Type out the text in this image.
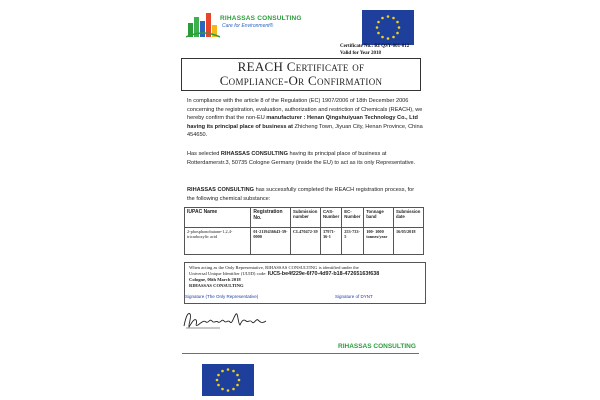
RIHASSAS CONSULTING
Care for Environment®
Certificate No.: RI QSY-001-012
Valid for Year 2018
REACH Certificate of
Compliance-Or Confirmation
In compliance with the article 8 of the Regulation (EC) 1907/2006 of 18th December 2006 concerning the registration, evaluation, authorization and restriction of Chemicals (REACH), we hereby confirm that the non-EU manufacturer : Henan Qingshuiyuan Technology Co., Ltd having its principal place of business at Zhicheng Town, Jiyuan City, Henan Province, China 454650.
Has selected RIHASSAS CONSULTING having its principal place of business at Rotterdamerstr.3, 50735 Cologne Germany (inside the EU) to act as its only Representative.
RIHASSAS CONSULTING has successfully completed the REACH registration process, for the following chemical substance:
IUPAC Name	Registration No.	Submission number	CAS-Number	EC-Number	Tonnage band	Submission date
2-phosphonobutane-1,2,4-tricarboxylic acid	01-2119436643-39-0000	CL470472-39	37971-36-1	253-733-5	100- 1000 tonnes/year	16/05/2018
When acting as the Only Representative, RIHASSAS CONSULTING is identified under the
Universal Unique Identifier (UUID) code: IUC5-be4f229e-6f70-4d97-b18-47265163f638
Cologne, 06th March 2018
RIHASSAS CONSULTING
Signature (The Only Representative)	Signature of DYNT
RIHASSAS CONSULTING
